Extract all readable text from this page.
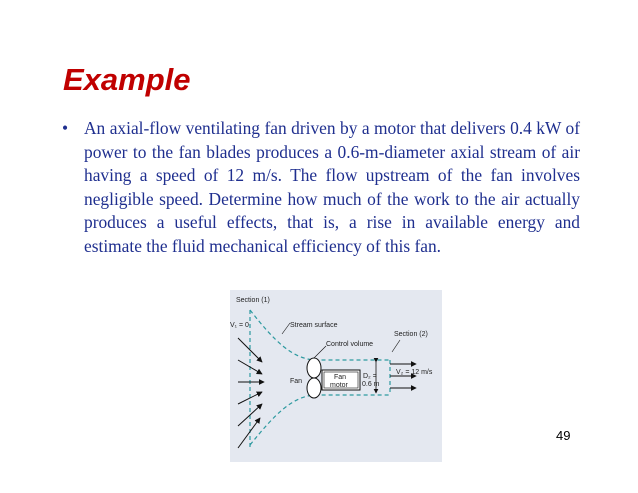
Example
• An axial-flow ventilating fan driven by a motor that delivers 0.4 kW of power to the fan blades produces a 0.6-m-diameter axial stream of air having a speed of 12 m/s. The flow upstream of the fan involves negligible speed. Determine how much of the work to the air actually produces a useful effects, that is, a rise in available energy and estimate the fluid mechanical efficiency of this fan.
Section (1)
V₁ = 0	Stream surface
Control volume
Section (2)
Fan
Fan
motor
D₂ =
0.6 m
V₂ = 12 m/s
49
